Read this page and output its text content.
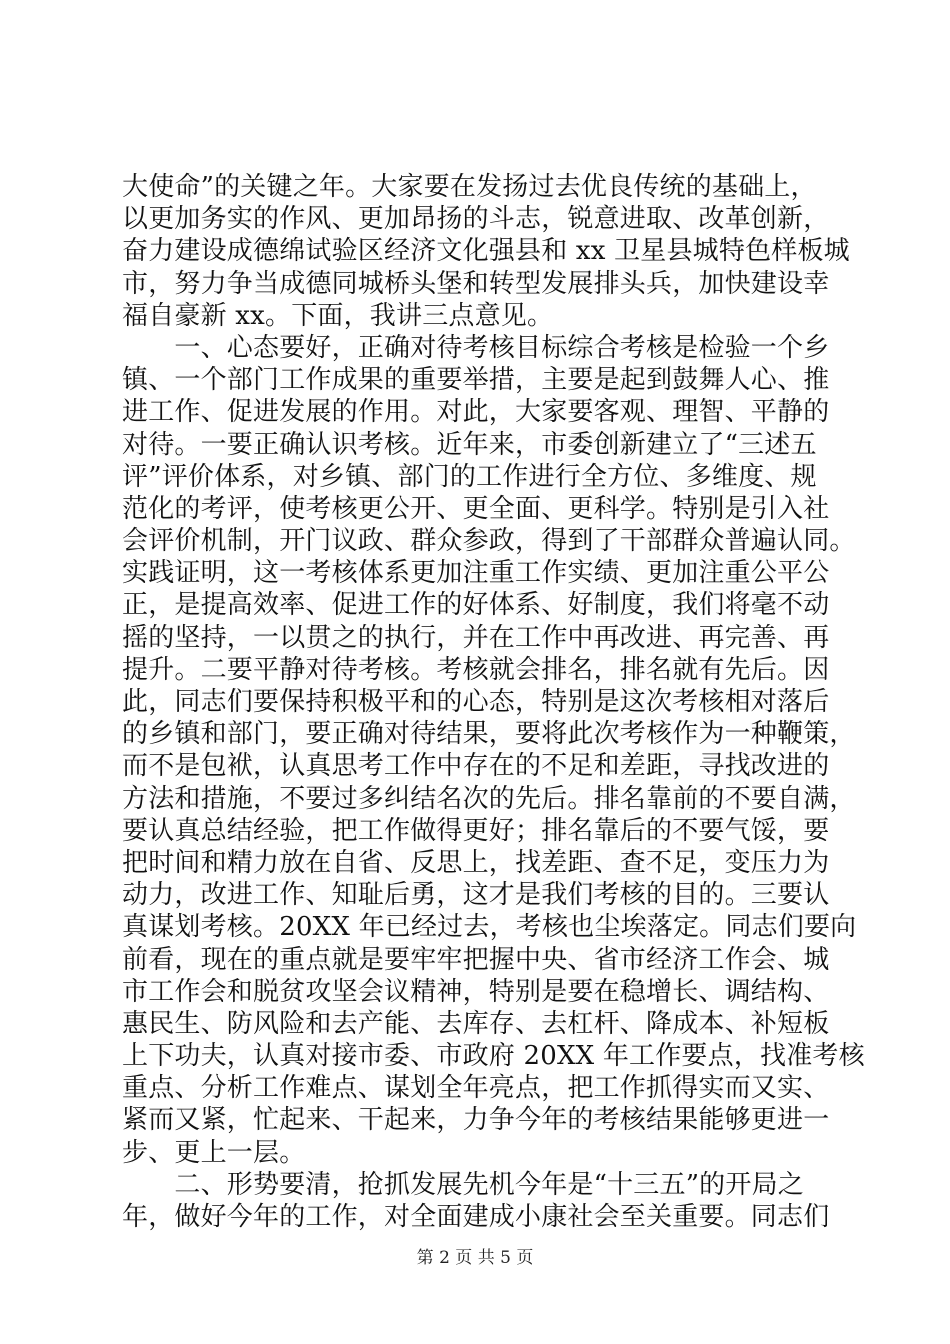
大使命”的关键之年。大家要在发扬过去优良传统的基础上，
以更加务实的作风、更加昂扬的斗志，锐意进取、改革创新，
奋力建设成德绵试验区经济文化强县和 xx 卫星县城特色样板城
市，努力争当成德同城桥头堡和转型发展排头兵，加快建设幸
福自豪新 xx。下面，我讲三点意见。
　　一、心态要好，正确对待考核目标综合考核是检验一个乡
镇、一个部门工作成果的重要举措，主要是起到鼓舞人心、推
进工作、促进发展的作用。对此，大家要客观、理智、平静的
对待。一要正确认识考核。近年来，市委创新建立了“三述五
评”评价体系，对乡镇、部门的工作进行全方位、多维度、规
范化的考评，使考核更公开、更全面、更科学。特别是引入社
会评价机制，开门议政、群众参政，得到了干部群众普遍认同。
实践证明，这一考核体系更加注重工作实绩、更加注重公平公
正，是提高效率、促进工作的好体系、好制度，我们将毫不动
摇的坚持，一以贯之的执行，并在工作中再改进、再完善、再
提升。二要平静对待考核。考核就会排名，排名就有先后。因
此，同志们要保持积极平和的心态，特别是这次考核相对落后
的乡镇和部门，要正确对待结果，要将此次考核作为一种鞭策，
而不是包袱，认真思考工作中存在的不足和差距，寻找改进的
方法和措施，不要过多纠结名次的先后。排名靠前的不要自满，
要认真总结经验，把工作做得更好；排名靠后的不要气馁，要
把时间和精力放在自省、反思上，找差距、查不足，变压力为
动力，改进工作、知耻后勇，这才是我们考核的目的。三要认
真谋划考核。20XX 年已经过去，考核也尘埃落定。同志们要向
前看，现在的重点就是要牢牢把握中央、省市经济工作会、城
市工作会和脱贫攻坚会议精神，特别是要在稳增长、调结构、
惠民生、防风险和去产能、去库存、去杠杆、降成本、补短板
上下功夫，认真对接市委、市政府 20XX 年工作要点，找准考核
重点、分析工作难点、谋划全年亮点，把工作抓得实而又实、
紧而又紧，忙起来、干起来，力争今年的考核结果能够更进一
步、更上一层。
　　二、形势要清，抢抓发展先机今年是“十三五”的开局之
年，做好今年的工作，对全面建成小康社会至关重要。同志们
第 2 页 共 5 页
